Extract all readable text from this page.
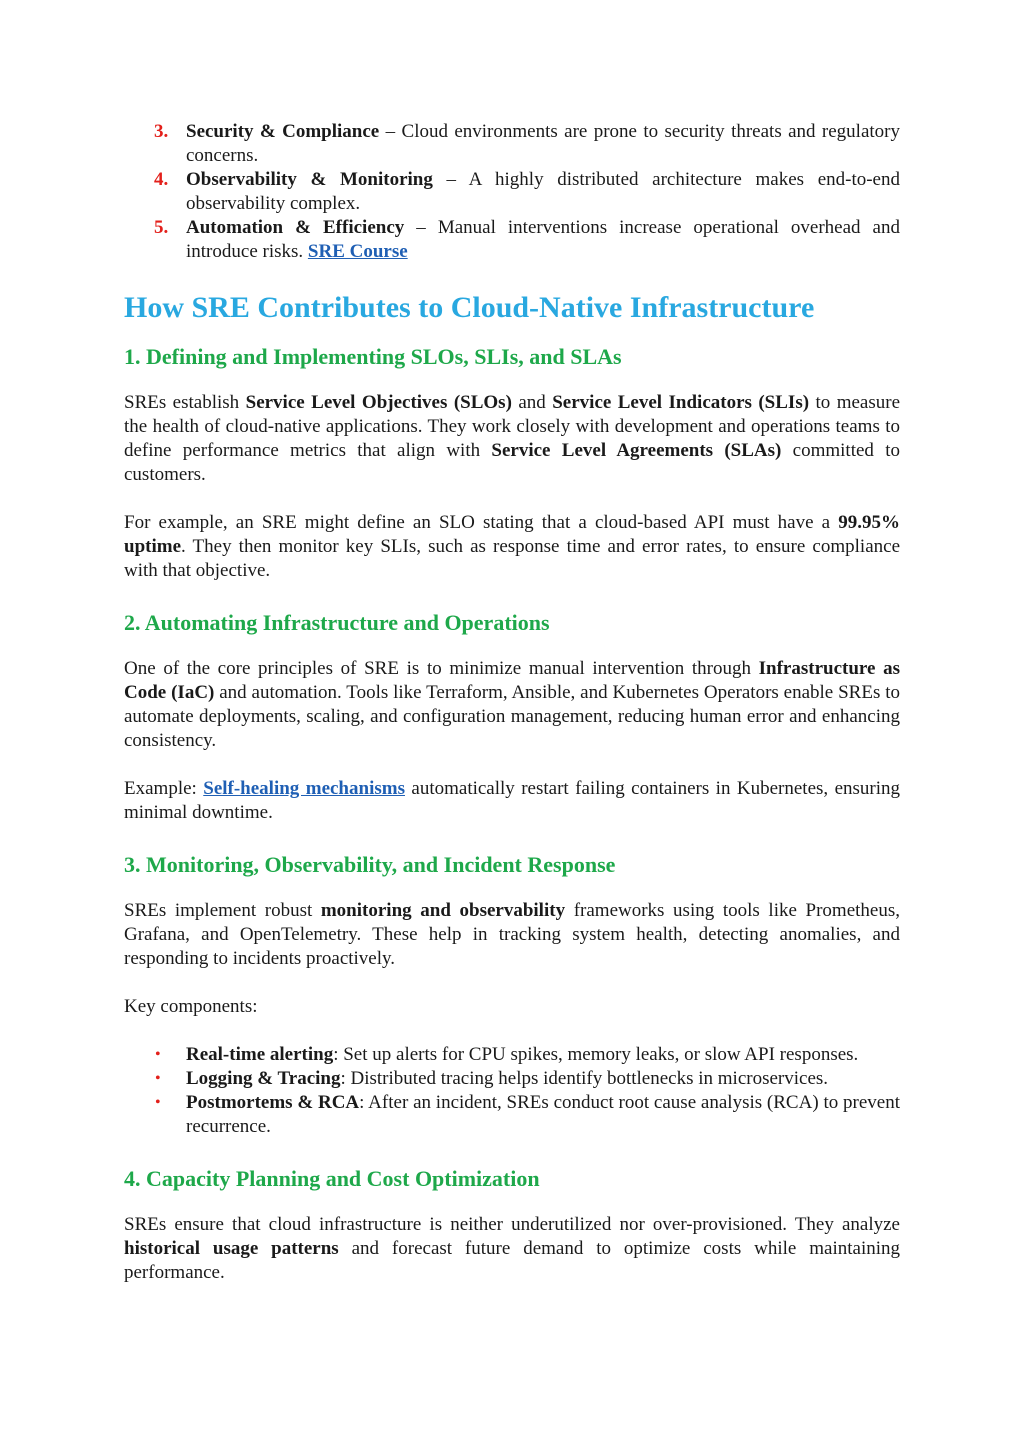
3. Security & Compliance – Cloud environments are prone to security threats and regulatory concerns.
4. Observability & Monitoring – A highly distributed architecture makes end-to-end observability complex.
5. Automation & Efficiency – Manual interventions increase operational overhead and introduce risks. SRE Course
How SRE Contributes to Cloud-Native Infrastructure
1. Defining and Implementing SLOs, SLIs, and SLAs

SREs establish Service Level Objectives (SLOs) and Service Level Indicators (SLIs) to measure the health of cloud-native applications. They work closely with development and operations teams to define performance metrics that align with Service Level Agreements (SLAs) committed to customers.

For example, an SRE might define an SLO stating that a cloud-based API must have a 99.95% uptime. They then monitor key SLIs, such as response time and error rates, to ensure compliance with that objective.

2. Automating Infrastructure and Operations

One of the core principles of SRE is to minimize manual intervention through Infrastructure as Code (IaC) and automation. Tools like Terraform, Ansible, and Kubernetes Operators enable SREs to automate deployments, scaling, and configuration management, reducing human error and enhancing consistency.

Example: Self-healing mechanisms automatically restart failing containers in Kubernetes, ensuring minimal downtime.

3. Monitoring, Observability, and Incident Response

SREs implement robust monitoring and observability frameworks using tools like Prometheus, Grafana, and OpenTelemetry. These help in tracking system health, detecting anomalies, and responding to incidents proactively.

Key components:

• Real-time alerting: Set up alerts for CPU spikes, memory leaks, or slow API responses.
• Logging & Tracing: Distributed tracing helps identify bottlenecks in microservices.
• Postmortems & RCA: After an incident, SREs conduct root cause analysis (RCA) to prevent recurrence.
4. Capacity Planning and Cost Optimization

SREs ensure that cloud infrastructure is neither underutilized nor over-provisioned. They analyze historical usage patterns and forecast future demand to optimize costs while maintaining performance.
